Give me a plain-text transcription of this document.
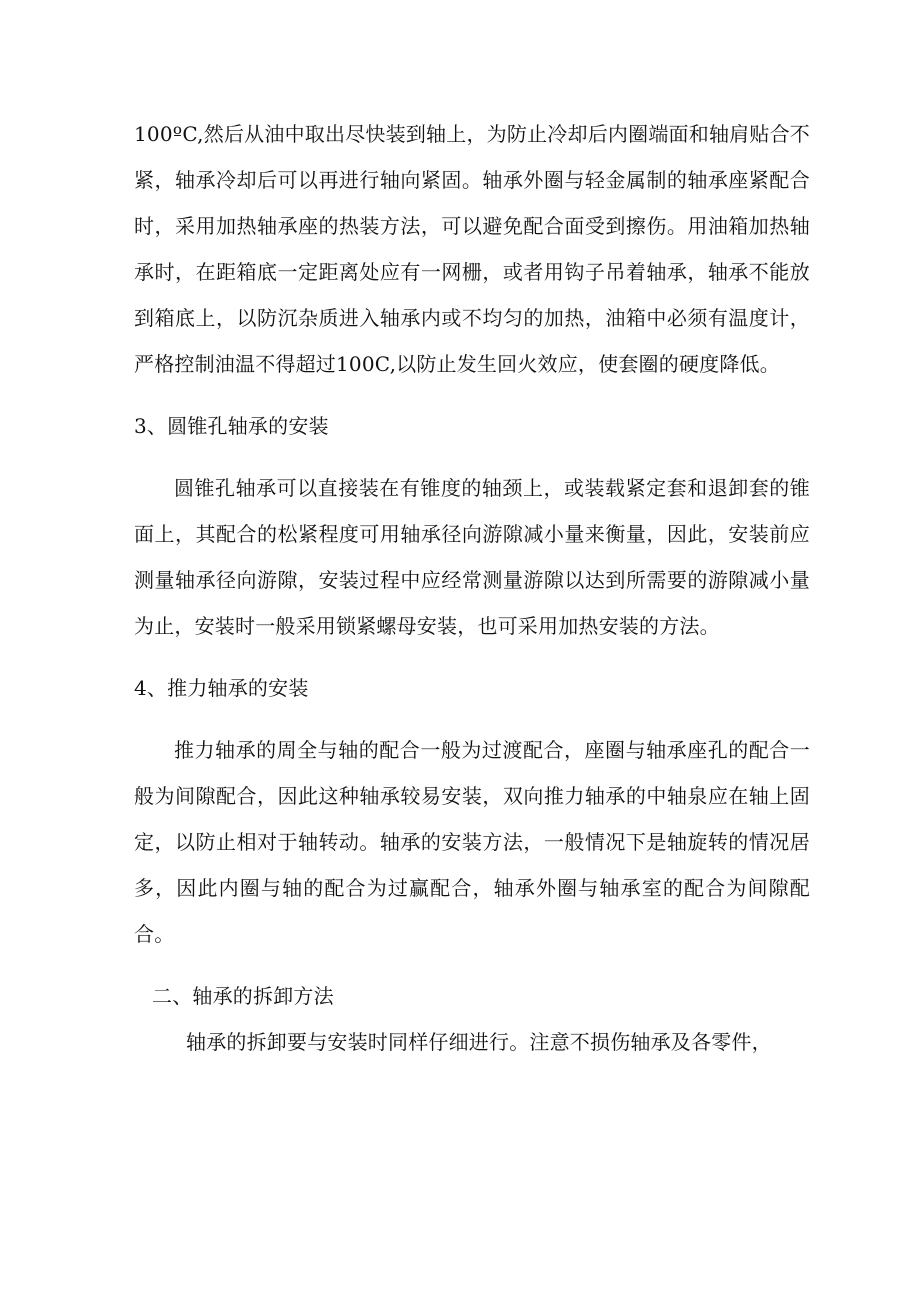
100ºC,然后从油中取出尽快装到轴上，为防止冷却后内圈端面和轴肩贴合不紧，轴承冷却后可以再进行轴向紧固。轴承外圈与轻金属制的轴承座紧配合时，采用加热轴承座的热装方法，可以避免配合面受到擦伤。用油箱加热轴承时，在距箱底一定距离处应有一网栅，或者用钩子吊着轴承，轴承不能放到箱底上，以防沉杂质进入轴承内或不均匀的加热，油箱中必须有温度计，严格控制油温不得超过100C,以防止发生回火效应，使套圈的硬度降低。

3、圆锥孔轴承的安装

圆锥孔轴承可以直接装在有锥度的轴颈上，或装载紧定套和退卸套的锥面上，其配合的松紧程度可用轴承径向游隙减小量来衡量，因此，安装前应测量轴承径向游隙，安装过程中应经常测量游隙以达到所需要的游隙减小量为止，安装时一般采用锁紧螺母安装，也可采用加热安装的方法。

4、推力轴承的安装

推力轴承的周全与轴的配合一般为过渡配合，座圈与轴承座孔的配合一般为间隙配合，因此这种轴承较易安装，双向推力轴承的中轴泉应在轴上固定，以防止相对于轴转动。轴承的安装方法，一般情况下是轴旋转的情况居多，因此内圈与轴的配合为过赢配合，轴承外圈与轴承室的配合为间隙配合。

二、轴承的拆卸方法

轴承的拆卸要与安装时同样仔细进行。注意不损伤轴承及各零件，
